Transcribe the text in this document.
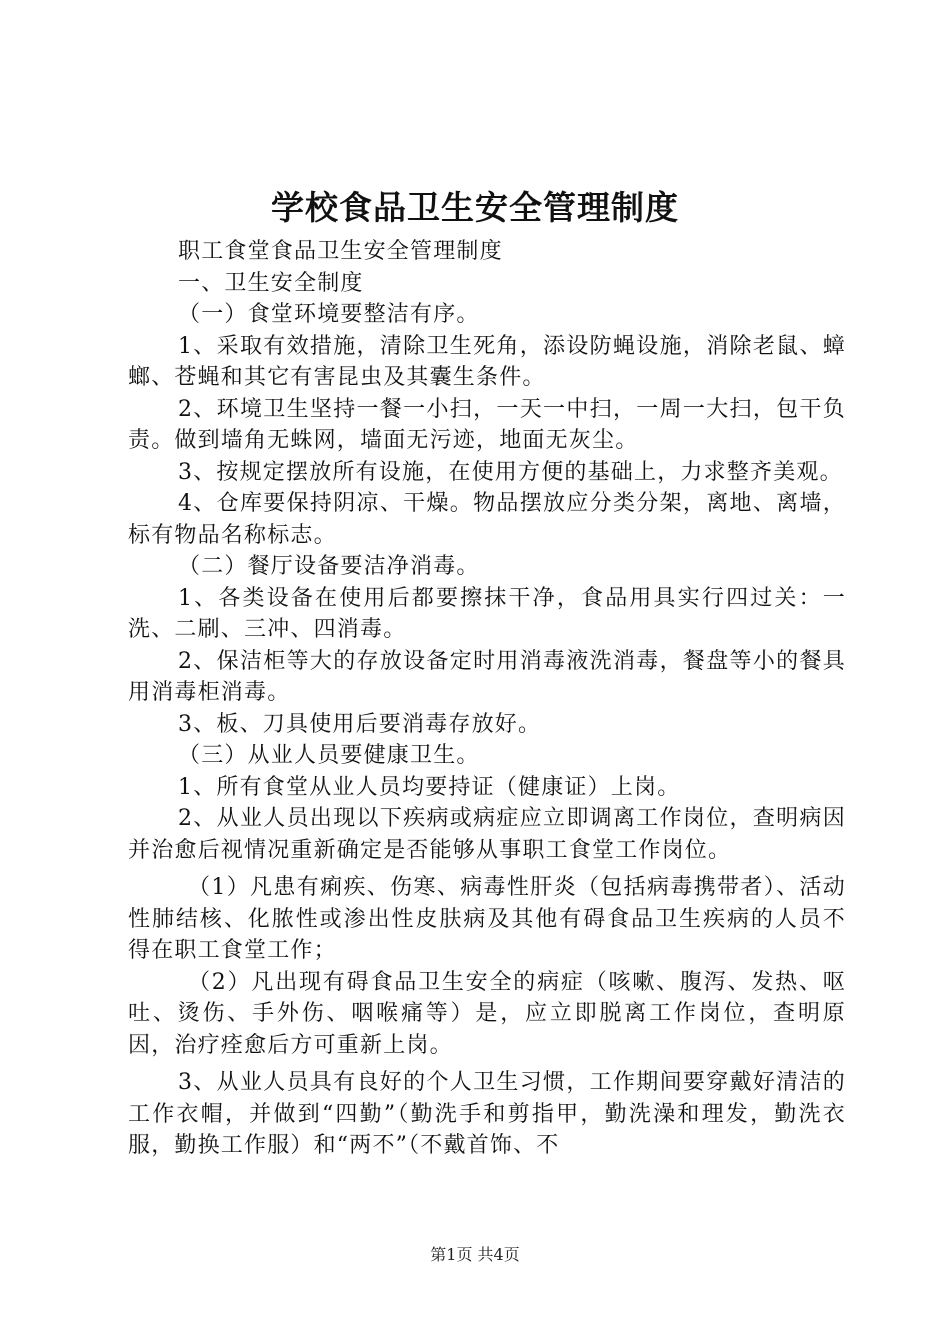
学校食品卫生安全管理制度

职工食堂食品卫生安全管理制度

一、卫生安全制度

（一）食堂环境要整洁有序。

1、采取有效措施，清除卫生死角，添设防蝇设施，消除老鼠、蟑螂、苍蝇和其它有害昆虫及其囊生条件。

2、环境卫生坚持一餐一小扫，一天一中扫，一周一大扫，包干负责。做到墙角无蛛网，墙面无污迹，地面无灰尘。

3、按规定摆放所有设施，在使用方便的基础上，力求整齐美观。

4、仓库要保持阴凉、干燥。物品摆放应分类分架，离地、离墙，标有物品名称标志。

（二）餐厅设备要洁净消毒。

1、各类设备在使用后都要擦抹干净，食品用具实行四过关：一洗、二刷、三冲、四消毒。

2、保洁柜等大的存放设备定时用消毒液洗消毒，餐盘等小的餐具用消毒柜消毒。

3、板、刀具使用后要消毒存放好。

（三）从业人员要健康卫生。

1、所有食堂从业人员均要持证（健康证）上岗。

2、从业人员出现以下疾病或病症应立即调离工作岗位，查明病因并治愈后视情况重新确定是否能够从事职工食堂工作岗位。

（1）凡患有痢疾、伤寒、病毒性肝炎（包括病毒携带者）、活动性肺结核、化脓性或渗出性皮肤病及其他有碍食品卫生疾病的人员不得在职工食堂工作；

（2）凡出现有碍食品卫生安全的病症（咳嗽、腹泻、发热、呕吐、烫伤、手外伤、咽喉痛等）是，应立即脱离工作岗位，查明原因，治疗痊愈后方可重新上岗。

3、从业人员具有良好的个人卫生习惯，工作期间要穿戴好清洁的工作衣帽，并做到“四勤”（勤洗手和剪指甲，勤洗澡和理发，勤洗衣服，勤换工作服）和“两不”（不戴首饰、不

第1页 共4页
